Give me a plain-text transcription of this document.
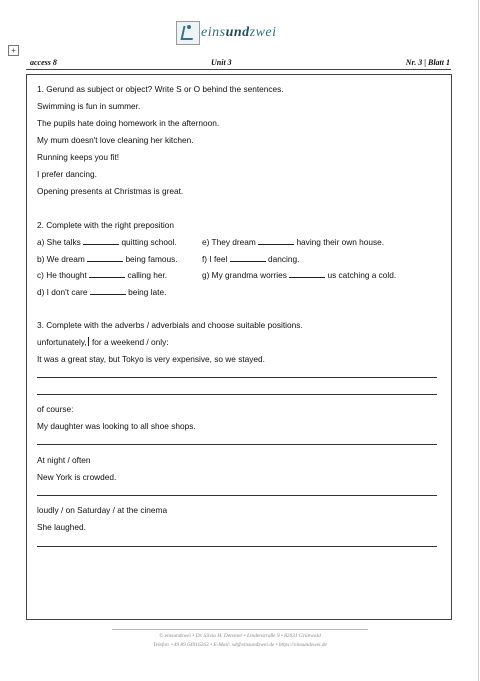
einsundzwei
+
access 8	Unit 3	Nr. 3 | Blatt 1
1. Gerund as subject or object? Write S or O behind the sentences.
Swimming is fun in summer.
The pupils hate doing homework in the afternoon.
My mum doesn't love cleaning her kitchen.
Running keeps you fit!
I prefer dancing.
Opening presents at Christmas is great.
2. Complete with the right preposition
a) She talks	quitting school.	e) They dream	having their own house.
b) We dream	being famous.	f) I feel	dancing.
c) He thought	calling her.	g) My grandma worries	us catching a cold.
d) I don't care	being late.
3. Complete with the adverbs / adverbials and choose suitable positions.
unfortunately, for a weekend / only:
It was a great stay, but Tokyo is very expensive, so we stayed.
of course:
My daughter was looking to all shoe shops.
At night / often
New York is crowded.
loudly / on Saturday / at the cinema
She laughed.
© einsundzwei • Dr. Silvia H. Detemer • Lindenstraße 9 • 82031 Grünwald
Telefon +49 89 64916263 • E-Mail: sd@einsundzwei.de • https://einsundzwei.de
